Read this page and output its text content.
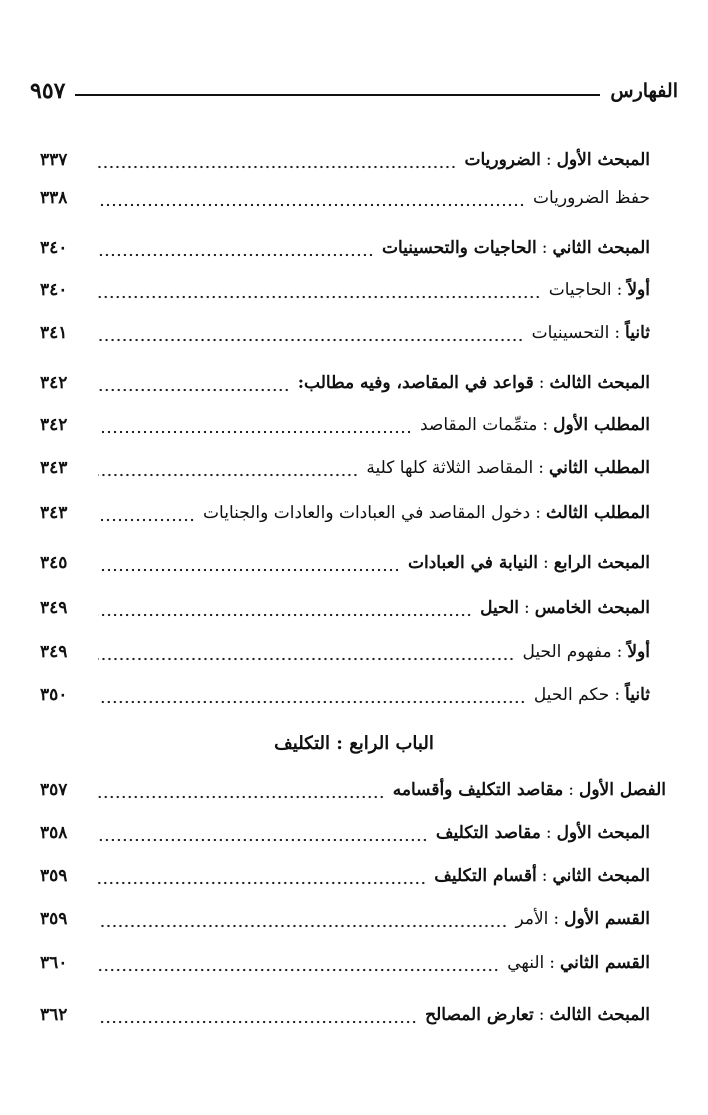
الفهارس
٩٥٧
المبحث الأول:الضروريات
٣٣٧
حفظ الضروريات
٣٣٨
المبحث الثاني:الحاجيات والتحسينيات
٣٤٠
أولاً:الحاجيات
٣٤٠
ثانياً:التحسينيات
٣٤١
المبحث الثالث:قواعد في المقاصد، وفيه مطالب:
٣٤٢
المطلب الأول:متمِّمات المقاصد
٣٤٢
المطلب الثاني:المقاصد الثلاثة كلها كلية
٣٤٣
المطلب الثالث:دخول المقاصد في العبادات والعادات والجنايات
٣٤٣
المبحث الرابع:النيابة في العبادات
٣٤٥
المبحث الخامس:الحيل
٣٤٩
أولاً:مفهوم الحيل
٣٤٩
ثانياً:حكم الحيل
٣٥٠
الفصل الأول:مقاصد التكليف وأقسامه
٣٥٧
المبحث الأول:مقاصد التكليف
٣٥٨
المبحث الثاني:أقسام التكليف
٣٥٩
القسم الأول:الأمر
٣٥٩
القسم الثاني:النهي
٣٦٠
المبحث الثالث:تعارض المصالح
٣٦٢
الباب الرابع : التكليف
